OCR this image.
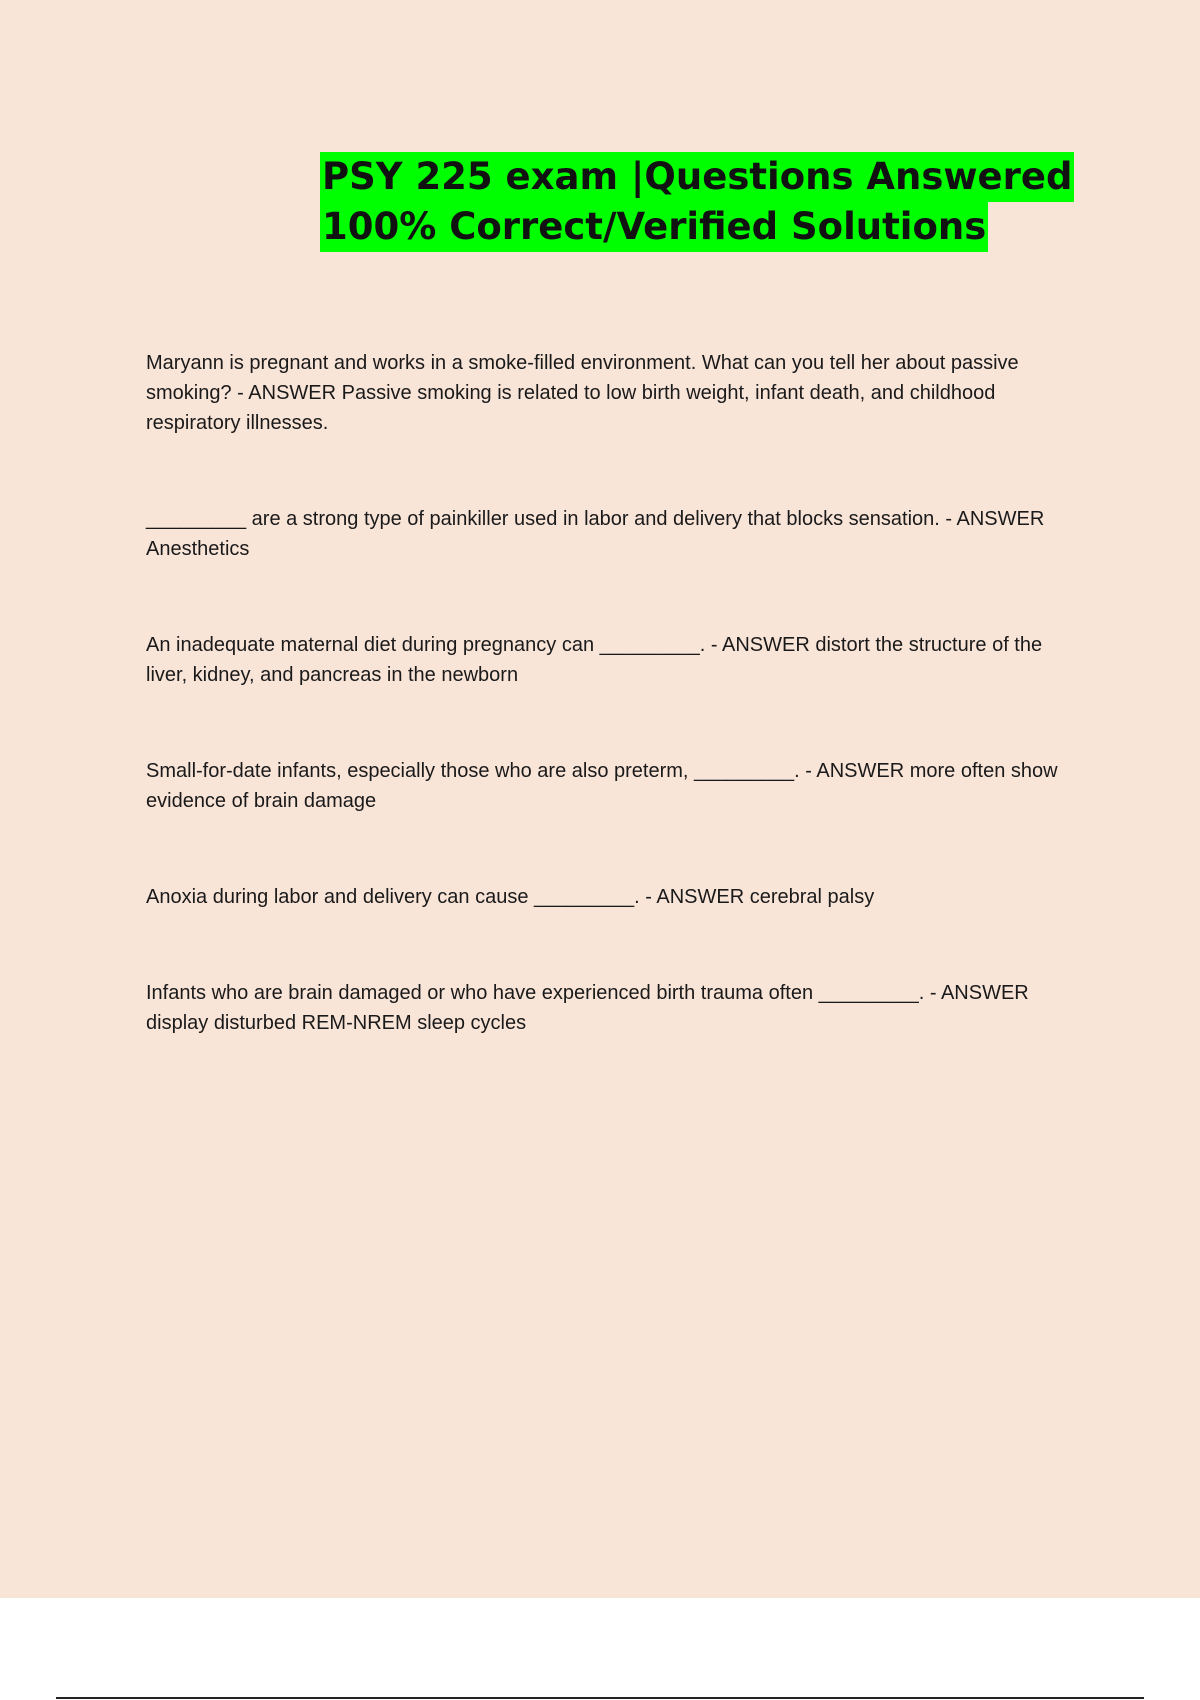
PSY 225 exam |Questions Answered
100% Correct/Verified Solutions
Maryann is pregnant and works in a smoke-filled environment. What can you tell her about passive smoking? - ANSWER Passive smoking is related to low birth weight, infant death, and childhood respiratory illnesses.
_________ are a strong type of painkiller used in labor and delivery that blocks sensation. - ANSWER Anesthetics
An inadequate maternal diet during pregnancy can _________. - ANSWER distort the structure of the liver, kidney, and pancreas in the newborn
Small-for-date infants, especially those who are also preterm, _________. - ANSWER more often show evidence of brain damage
Anoxia during labor and delivery can cause _________. - ANSWER cerebral palsy
Infants who are brain damaged or who have experienced birth trauma often _________. - ANSWER display disturbed REM-NREM sleep cycles
